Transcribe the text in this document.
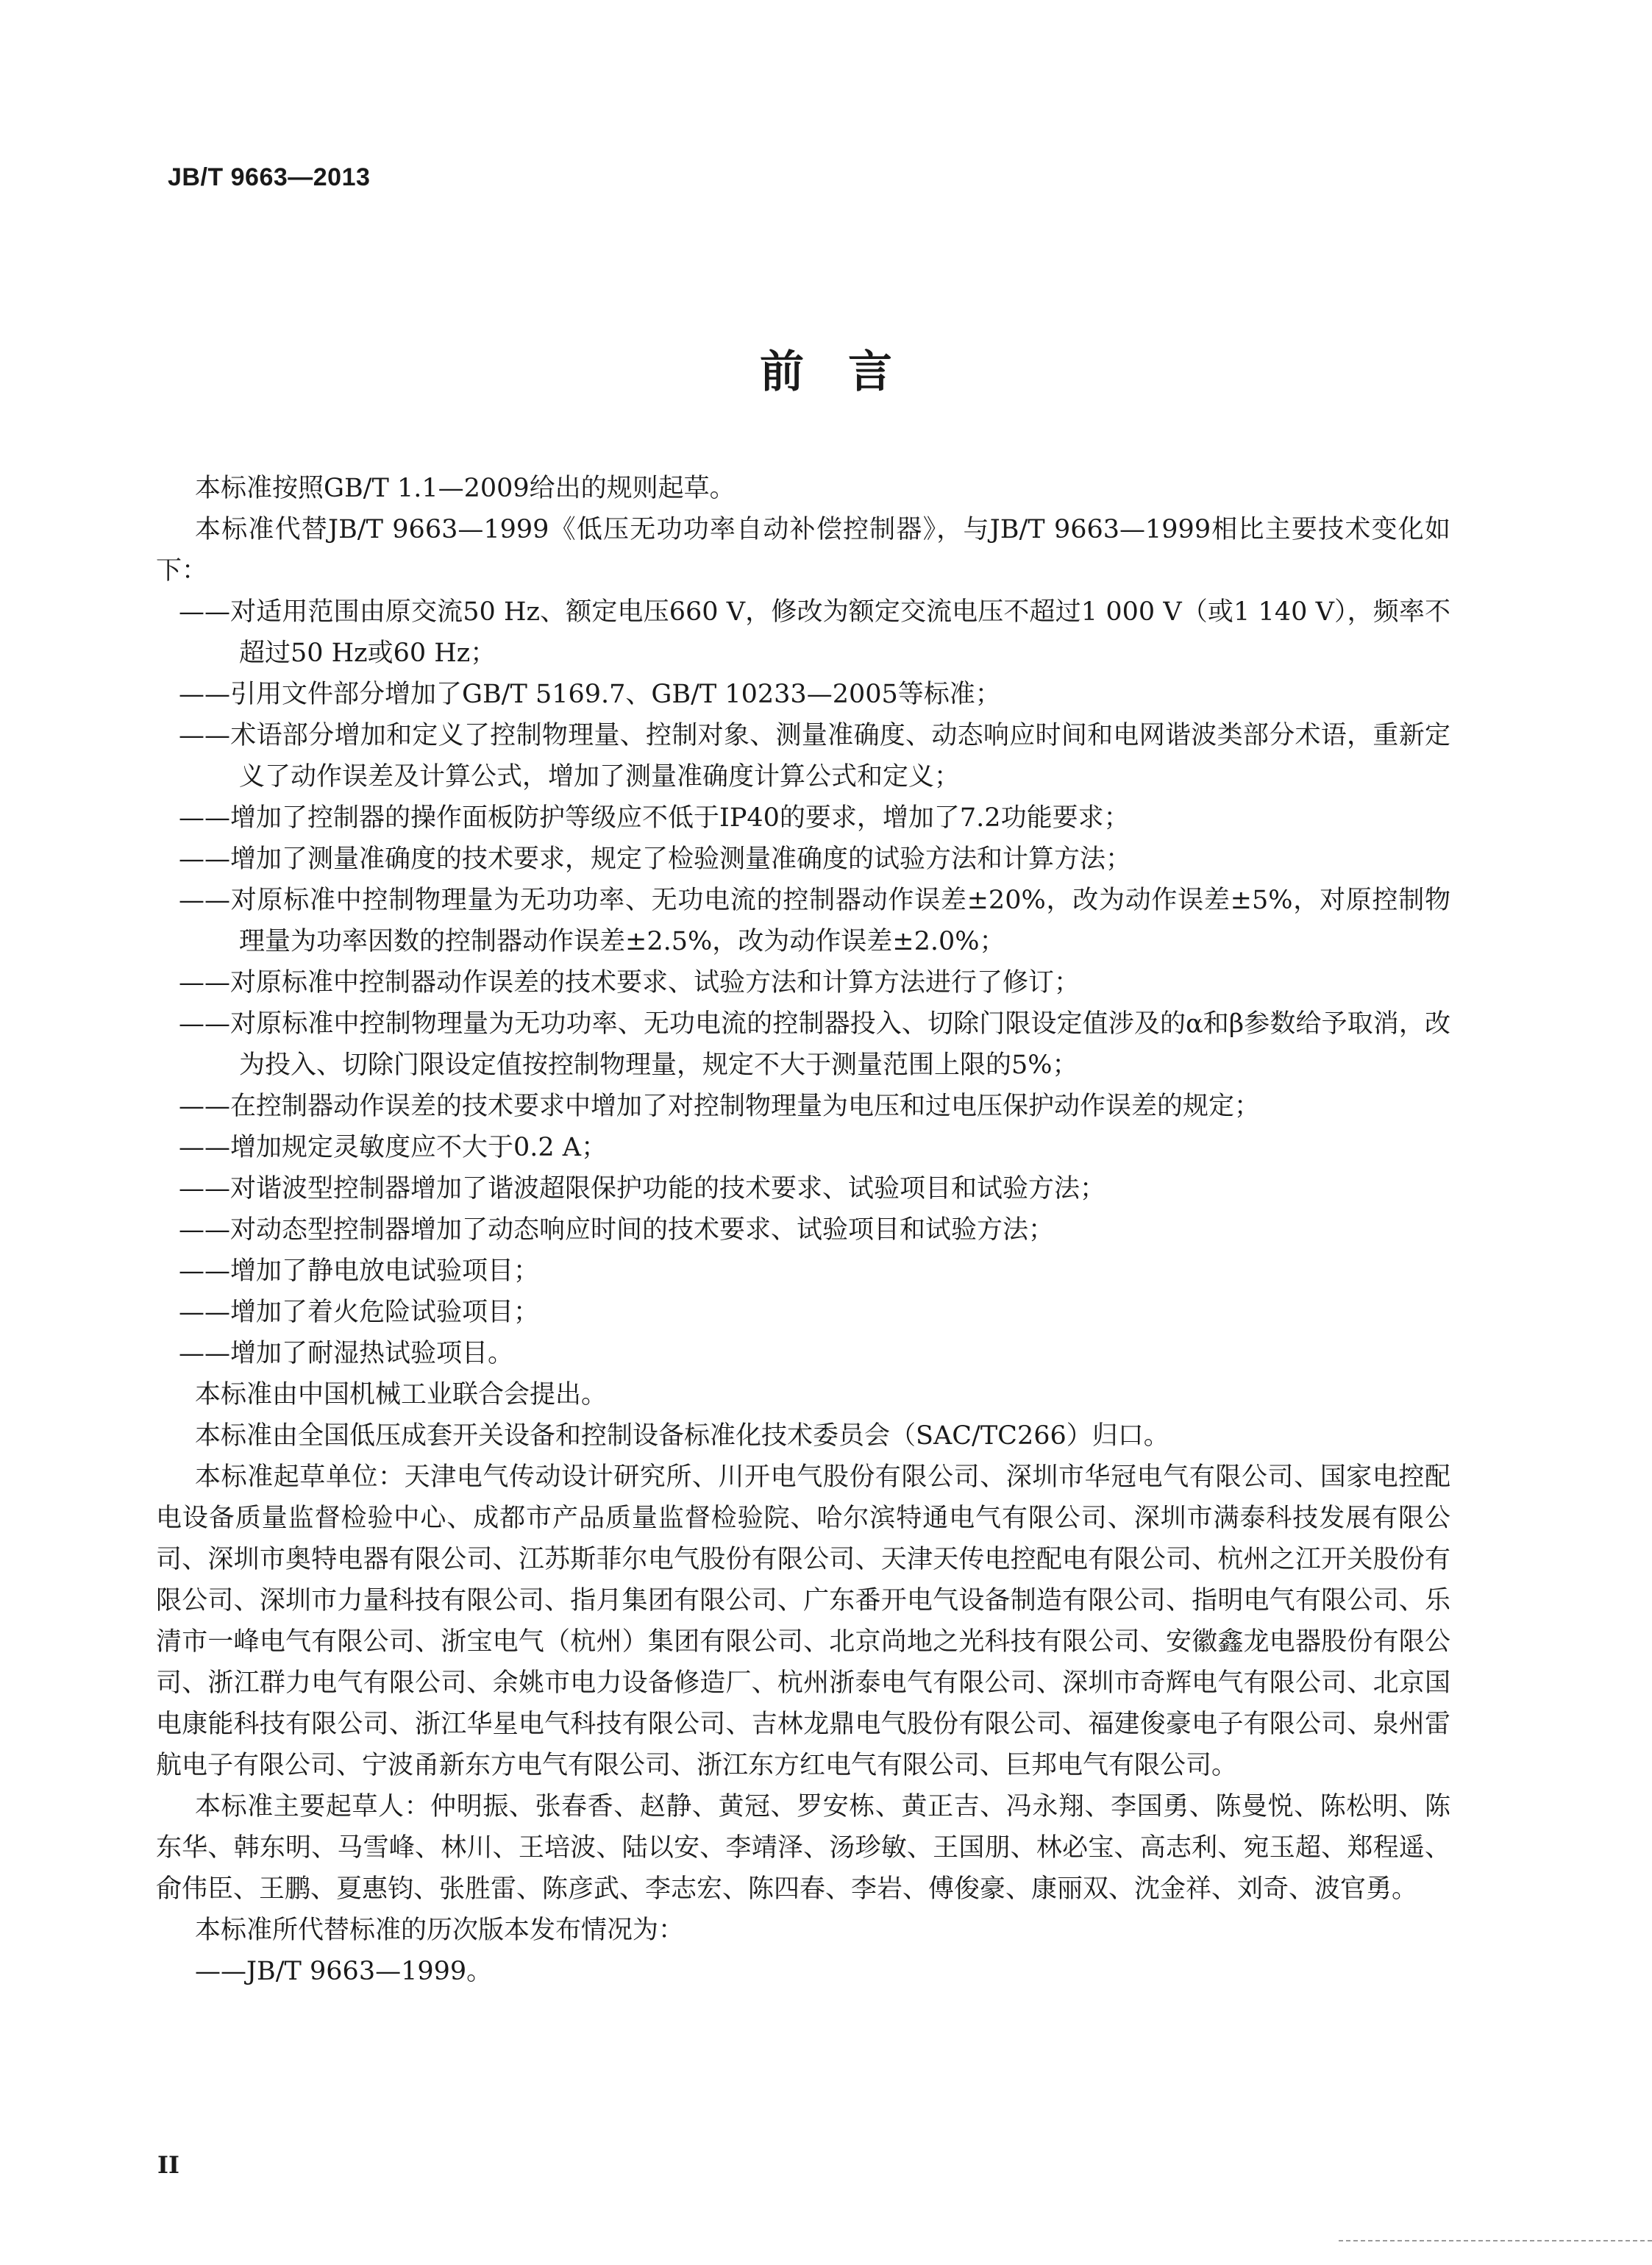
JB/T 9663—2013
前言

本标准按照GB/T 1.1—2009给出的规则起草。

本标准代替JB/T 9663—1999《低压无功功率自动补偿控制器》，与JB/T 9663—1999相比主要技术变化如下：

——对适用范围由原交流50 Hz、额定电压660 V，修改为额定交流电压不超过1 000 V（或1 140 V），频率不超过50 Hz或60 Hz；

——引用文件部分增加了GB/T 5169.7、GB/T 10233—2005等标准；

——术语部分增加和定义了控制物理量、控制对象、测量准确度、动态响应时间和电网谐波类部分术语，重新定义了动作误差及计算公式，增加了测量准确度计算公式和定义；

——增加了控制器的操作面板防护等级应不低于IP40的要求，增加了7.2功能要求；

——增加了测量准确度的技术要求，规定了检验测量准确度的试验方法和计算方法；

——对原标准中控制物理量为无功功率、无功电流的控制器动作误差±20%，改为动作误差±5%，对原控制物理量为功率因数的控制器动作误差±2.5%，改为动作误差±2.0%；

——对原标准中控制器动作误差的技术要求、试验方法和计算方法进行了修订；

——对原标准中控制物理量为无功功率、无功电流的控制器投入、切除门限设定值涉及的α和β参数给予取消，改为投入、切除门限设定值按控制物理量，规定不大于测量范围上限的5%；

——在控制器动作误差的技术要求中增加了对控制物理量为电压和过电压保护动作误差的规定；

——增加规定灵敏度应不大于0.2 A；

——对谐波型控制器增加了谐波超限保护功能的技术要求、试验项目和试验方法；

——对动态型控制器增加了动态响应时间的技术要求、试验项目和试验方法；

——增加了静电放电试验项目；

——增加了着火危险试验项目；

——增加了耐湿热试验项目。

本标准由中国机械工业联合会提出。

本标准由全国低压成套开关设备和控制设备标准化技术委员会（SAC/TC266）归口。

本标准起草单位：天津电气传动设计研究所、川开电气股份有限公司、深圳市华冠电气有限公司、国家电控配电设备质量监督检验中心、成都市产品质量监督检验院、哈尔滨特通电气有限公司、深圳市满泰科技发展有限公司、深圳市奥特电器有限公司、江苏斯菲尔电气股份有限公司、天津天传电控配电有限公司、杭州之江开关股份有限公司、深圳市力量科技有限公司、指月集团有限公司、广东番开电气设备制造有限公司、指明电气有限公司、乐清市一峰电气有限公司、浙宝电气（杭州）集团有限公司、北京尚地之光科技有限公司、安徽鑫龙电器股份有限公司、浙江群力电气有限公司、余姚市电力设备修造厂、杭州浙泰电气有限公司、深圳市奇辉电气有限公司、北京国电康能科技有限公司、浙江华星电气科技有限公司、吉林龙鼎电气股份有限公司、福建俊豪电子有限公司、泉州雷航电子有限公司、宁波甬新东方电气有限公司、浙江东方红电气有限公司、巨邦电气有限公司。

本标准主要起草人：仲明振、张春香、赵静、黄冠、罗安栋、黄正吉、冯永翔、李国勇、陈曼悦、陈松明、陈东华、韩东明、马雪峰、林川、王培波、陆以安、李靖泽、汤珍敏、王国朋、林必宝、高志利、宛玉超、郑程遥、俞伟臣、王鹏、夏惠钧、张胜雷、陈彦武、李志宏、陈四春、李岩、傅俊豪、康丽双、沈金祥、刘奇、波官勇。

本标准所代替标准的历次版本发布情况为：

——JB/T 9663—1999。

II
